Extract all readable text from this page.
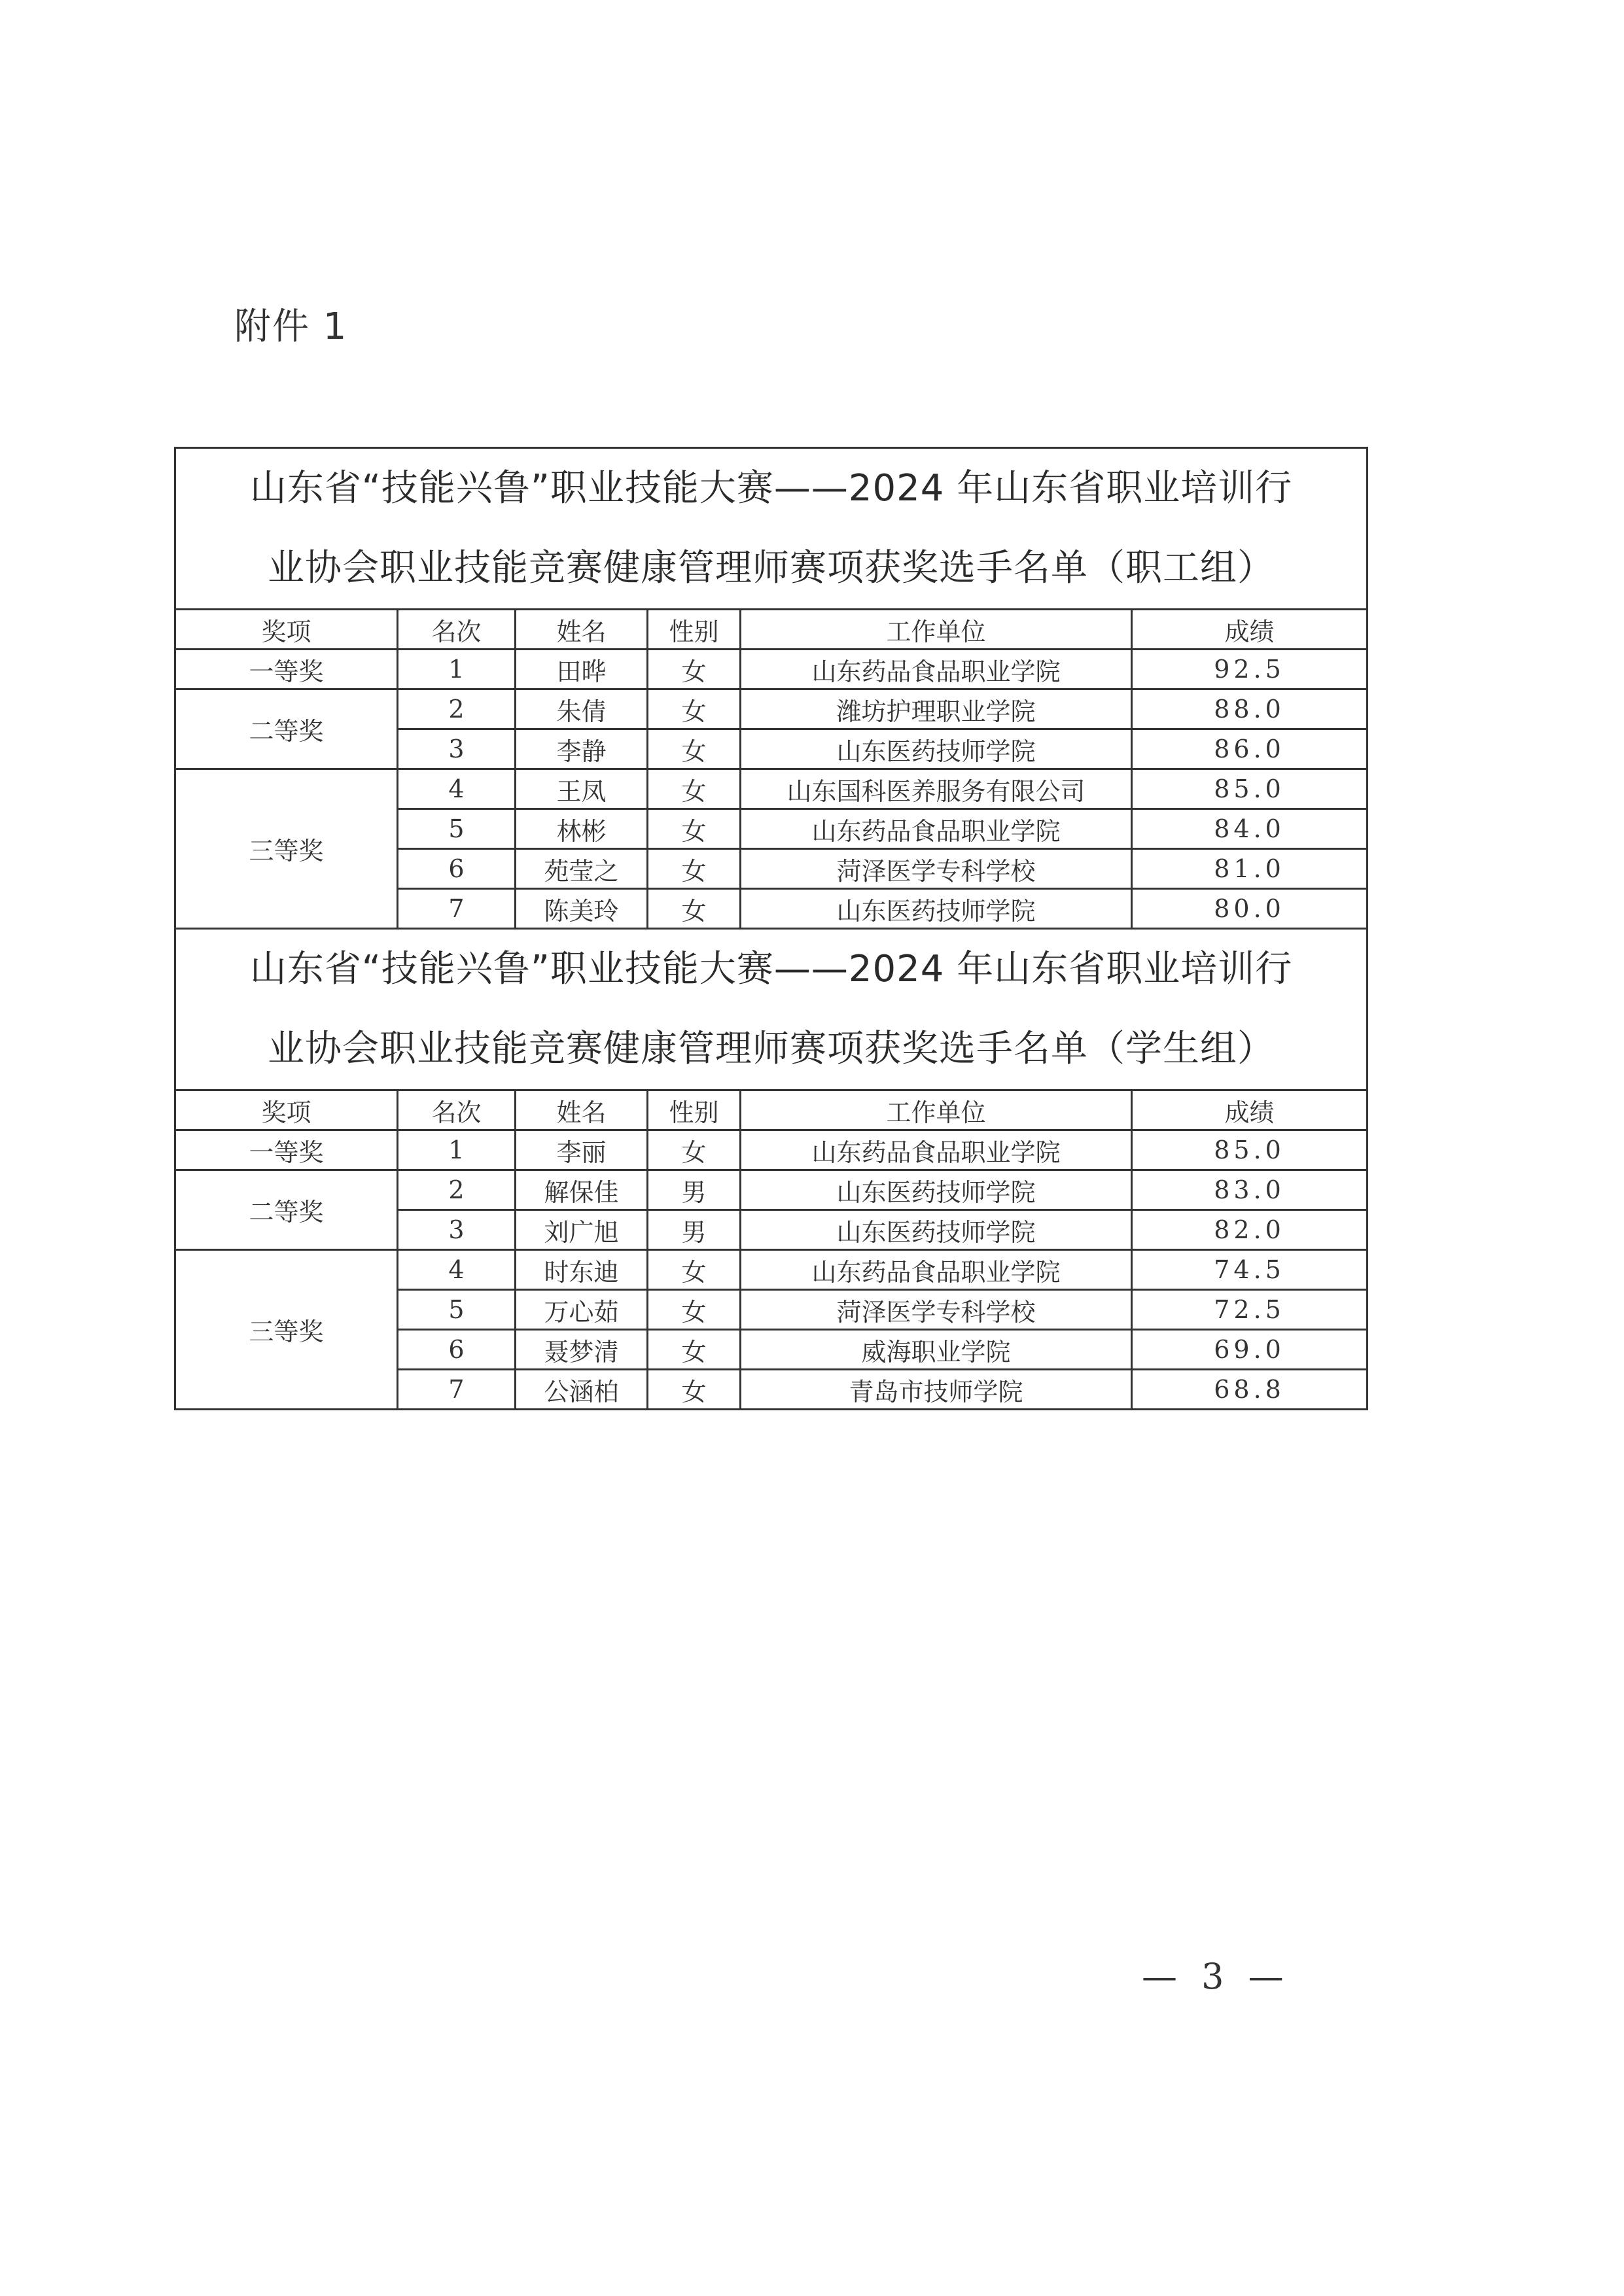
附件 1
山东省“技能兴鲁”职业技能大赛——2024 年山东省职业培训行
业协会职业技能竞赛健康管理师赛项获奖选手名单（职工组）					

奖项	名次	姓名	性别	工作单位	成绩
一等奖	1	田晔	女	山东药品食品职业学院	92.5
二等奖	2	朱倩	女	潍坊护理职业学院	88.0
	3	李静	女	山东医药技师学院	86.0
三等奖	4	王凤	女	山东国科医养服务有限公司	85.0
	5	林彬	女	山东药品食品职业学院	84.0
	6	苑莹之	女	菏泽医学专科学校	81.0
	7	陈美玲	女	山东医药技师学院	80.0

山东省“技能兴鲁”职业技能大赛——2024 年山东省职业培训行
业协会职业技能竞赛健康管理师赛项获奖选手名单（学生组）					

奖项	名次	姓名	性别	工作单位	成绩
一等奖	1	李丽	女	山东药品食品职业学院	85.0
二等奖	2	解保佳	男	山东医药技师学院	83.0
	3	刘广旭	男	山东医药技师学院	82.0
三等奖	4	时东迪	女	山东药品食品职业学院	74.5
	5	万心茹	女	菏泽医学专科学校	72.5
	6	聂梦清	女	威海职业学院	69.0
	7	公涵柏	女	青岛市技师学院	68.8
— 3 —
